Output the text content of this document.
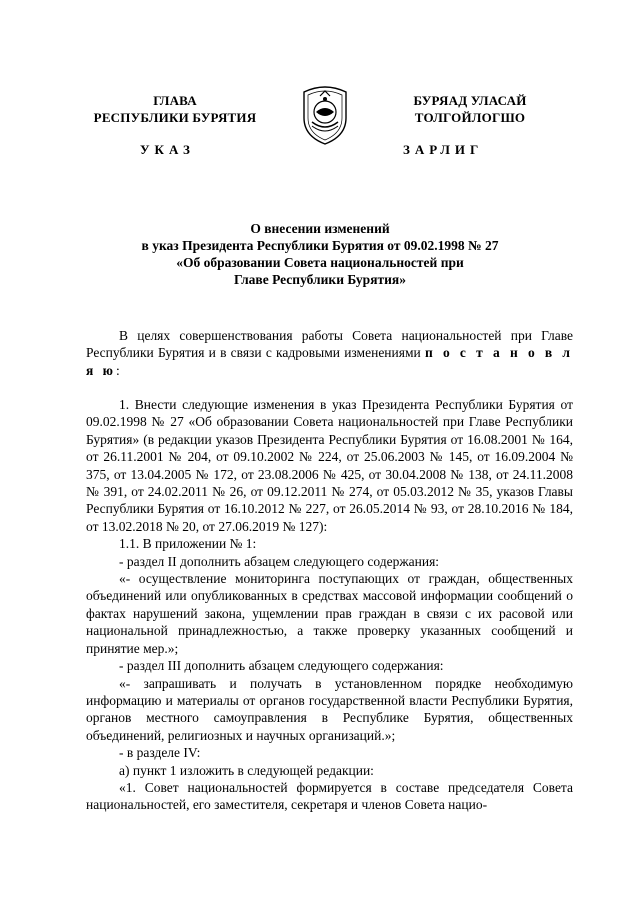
ГЛАВА
РЕСПУБЛИКИ БУРЯТИЯ
БУРЯАД УЛАСАЙ
ТОЛГОЙЛОГШО
УКАЗ	ЗАРЛИГ
О внесении изменений
в указ Президента Республики Бурятия от 09.02.1998 № 27
«Об образовании Совета национальностей при
Главе Республики Бурятия»
В целях совершенствования работы Совета национальностей при Главе Республики Бурятия и в связи с кадровыми изменениями п о с т а н о в л я ю:
1. Внести следующие изменения в указ Президента Республики Бурятия от 09.02.1998 № 27 «Об образовании Совета национальностей при Главе Республики Бурятия» (в редакции указов Президента Республики Бурятия от 16.08.2001 № 164, от 26.11.2001 № 204, от 09.10.2002 № 224, от 25.06.2003 № 145, от 16.09.2004 № 375, от 13.04.2005 № 172, от 23.08.2006 № 425, от 30.04.2008 № 138, от 24.11.2008 № 391, от 24.02.2011 № 26, от 09.12.2011 № 274, от 05.03.2012 № 35, указов Главы Республики Бурятия от 16.10.2012 № 227, от 26.05.2014 № 93, от 28.10.2016 № 184, от 13.02.2018 № 20, от 27.06.2019 № 127):
1.1. В приложении № 1:
- раздел II дополнить абзацем следующего содержания:
«- осуществление мониторинга поступающих от граждан, общественных объединений или опубликованных в средствах массовой информации сообщений о фактах нарушений закона, ущемлении прав граждан в связи с их расовой или национальной принадлежностью, а также проверку указанных сообщений и принятие мер.»;
- раздел III дополнить абзацем следующего содержания:
«- запрашивать и получать в установленном порядке необходимую информацию и материалы от органов государственной власти Республики Бурятия, органов местного самоуправления в Республике Бурятия, общественных объединений, религиозных и научных организаций.»;
- в разделе IV:
а) пункт 1 изложить в следующей редакции:
«1. Совет национальностей формируется в составе председателя Совета национальностей, его заместителя, секретаря и членов Совета нацио-
